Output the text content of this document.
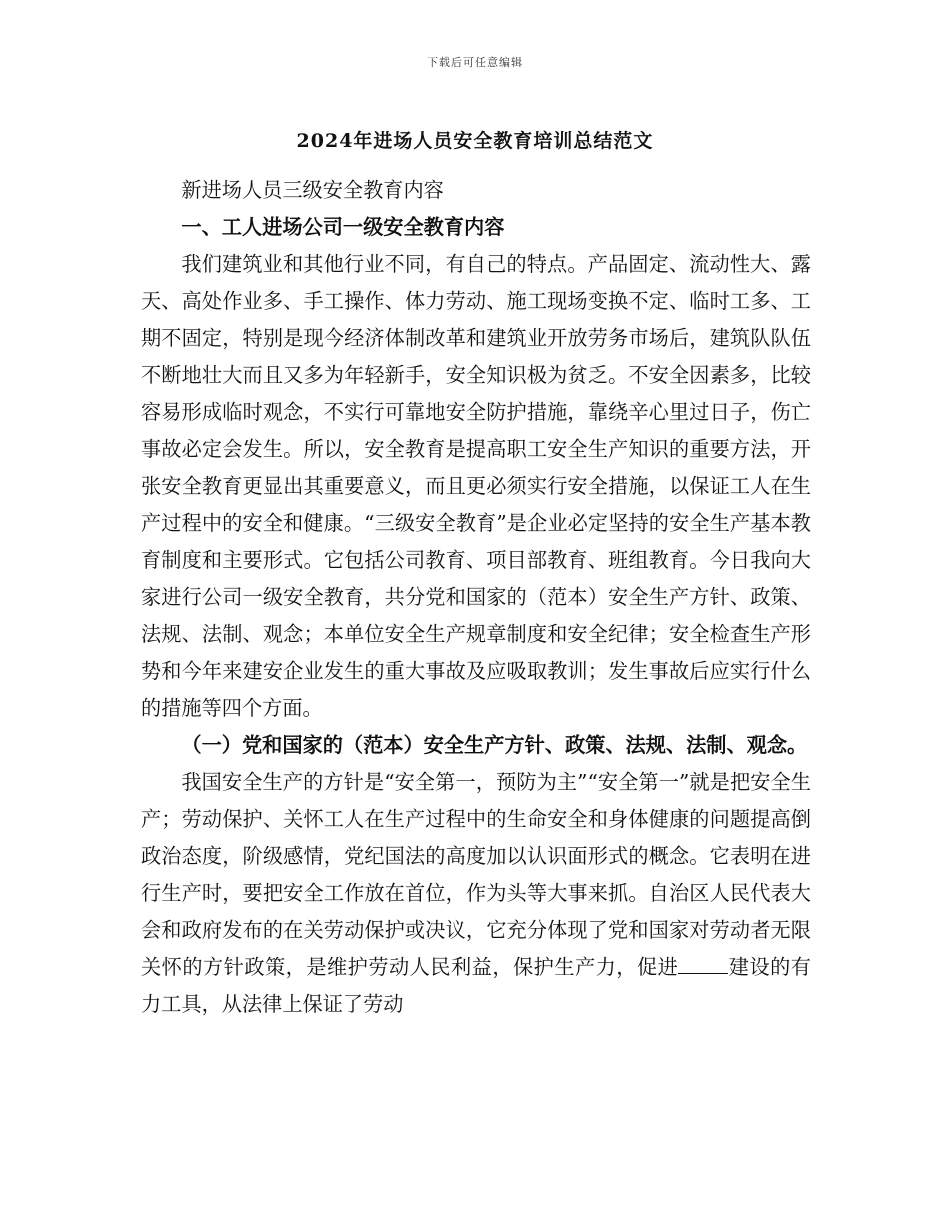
下载后可任意编辑
2024年进场人员安全教育培训总结范文

新进场人员三级安全教育内容

一、工人进场公司一级安全教育内容

我们建筑业和其他行业不同，有自己的特点。产品固定、流动性大、露天、高处作业多、手工操作、体力劳动、施工现场变换不定、临时工多、工期不固定，特别是现今经济体制改革和建筑业开放劳务市场后，建筑队队伍不断地壮大而且又多为年轻新手，安全知识极为贫乏。不安全因素多，比较容易形成临时观念，不实行可靠地安全防护措施，靠绕辛心里过日子，伤亡事故必定会发生。所以，安全教育是提高职工安全生产知识的重要方法，开张安全教育更显出其重要意义，而且更必须实行安全措施，以保证工人在生产过程中的安全和健康。“三级安全教育”是企业必定坚持的安全生产基本教育制度和主要形式。它包括公司教育、项目部教育、班组教育。今日我向大家进行公司一级安全教育，共分党和国家的（范本）安全生产方针、政策、法规、法制、观念；本单位安全生产规章制度和安全纪律；安全检查生产形势和今年来建安企业发生的重大事故及应吸取教训；发生事故后应实行什么的措施等四个方面。

（一）党和国家的（范本）安全生产方针、政策、法规、法制、观念。

我国安全生产的方针是“安全第一，预防为主”“安全第一”就是把安全生产；劳动保护、关怀工人在生产过程中的生命安全和身体健康的问题提高倒政治态度，阶级感情，党纪国法的高度加以认识面形式的概念。它表明在进行生产时，要把安全工作放在首位，作为头等大事来抓。自治区人民代表大会和政府发布的在关劳动保护或决议，它充分体现了党和国家对劳动者无限关怀的方针政策，是维护劳动人民利益，保护生产力，促进 建设的有力工具，从法律上保证了劳动
